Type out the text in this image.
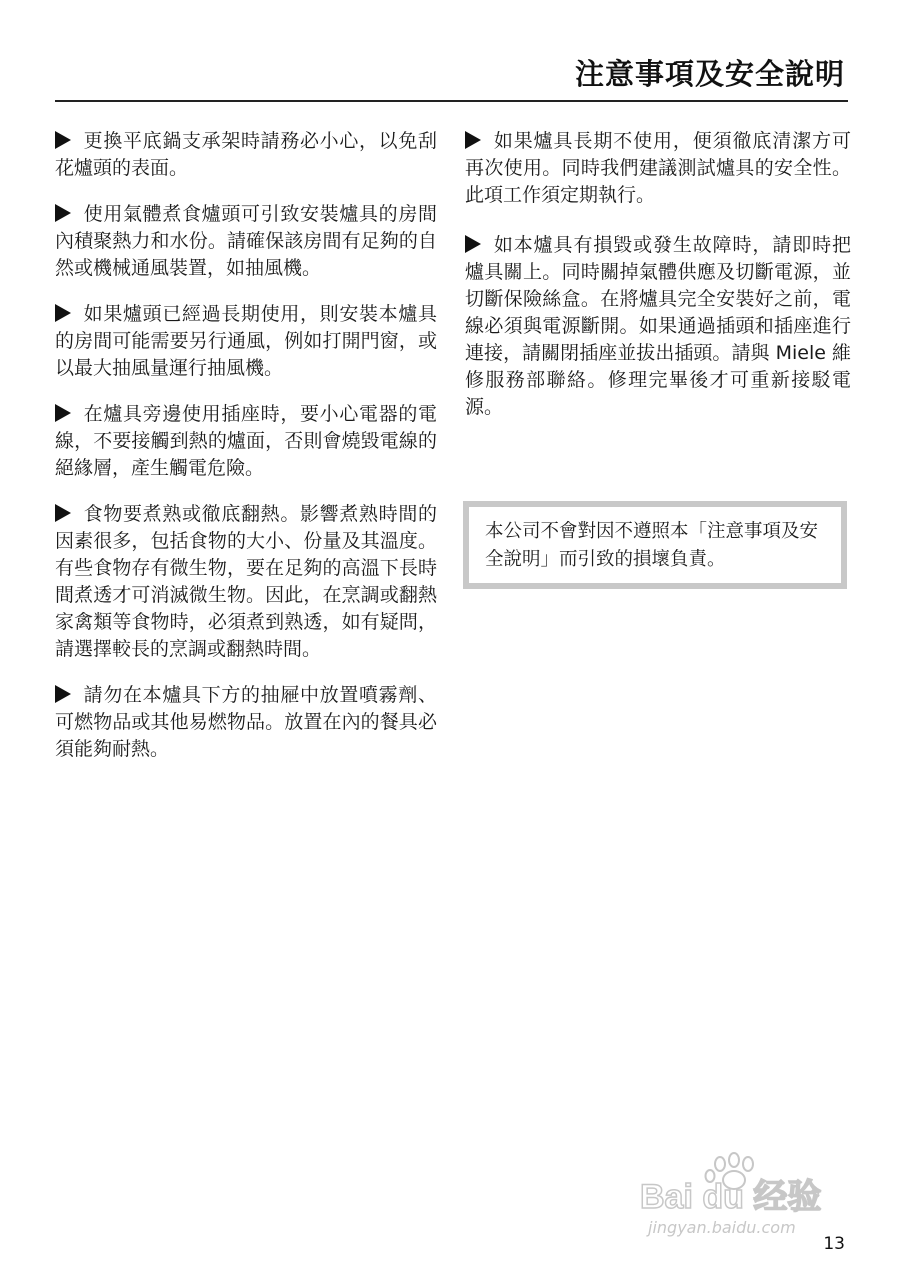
注意事項及安全說明

更換平底鍋支承架時請務必小心，以免刮花爐頭的表面。

使用氣體煮食爐頭可引致安裝爐具的房間內積聚熱力和水份。請確保該房間有足夠的自然或機械通風裝置，如抽風機。

如果爐頭已經過長期使用，則安裝本爐具的房間可能需要另行通風，例如打開門窗，或以最大抽風量運行抽風機。

在爐具旁邊使用插座時，要小心電器的電線，不要接觸到熱的爐面，否則會燒毀電線的絕緣層，產生觸電危險。

食物要煮熟或徹底翻熱。影響煮熟時間的因素很多，包括食物的大小、份量及其溫度。有些食物存有微生物，要在足夠的高溫下長時間煮透才可消滅微生物。因此，在烹調或翻熱家禽類等食物時，必須煮到熟透，如有疑問，請選擇較長的烹調或翻熱時間。

請勿在本爐具下方的抽屜中放置噴霧劑、可燃物品或其他易燃物品。放置在內的餐具必須能夠耐熱。

如果爐具長期不使用，便須徹底清潔方可再次使用。同時我們建議測試爐具的安全性。此項工作須定期執行。

如本爐具有損毀或發生故障時，請即時把爐具關上。同時關掉氣體供應及切斷電源，並切斷保險絲盒。在將爐具完全安裝好之前，電線必須與電源斷開。如果通過插頭和插座進行連接，請關閉插座並拔出插頭。請與 Miele 維修服務部聯絡。修理完畢後才可重新接駁電源。

本公司不會對因不遵照本「注意事項及安全說明」而引致的損壞負責。
Bai du 经验
jingyan.baidu.com
13
